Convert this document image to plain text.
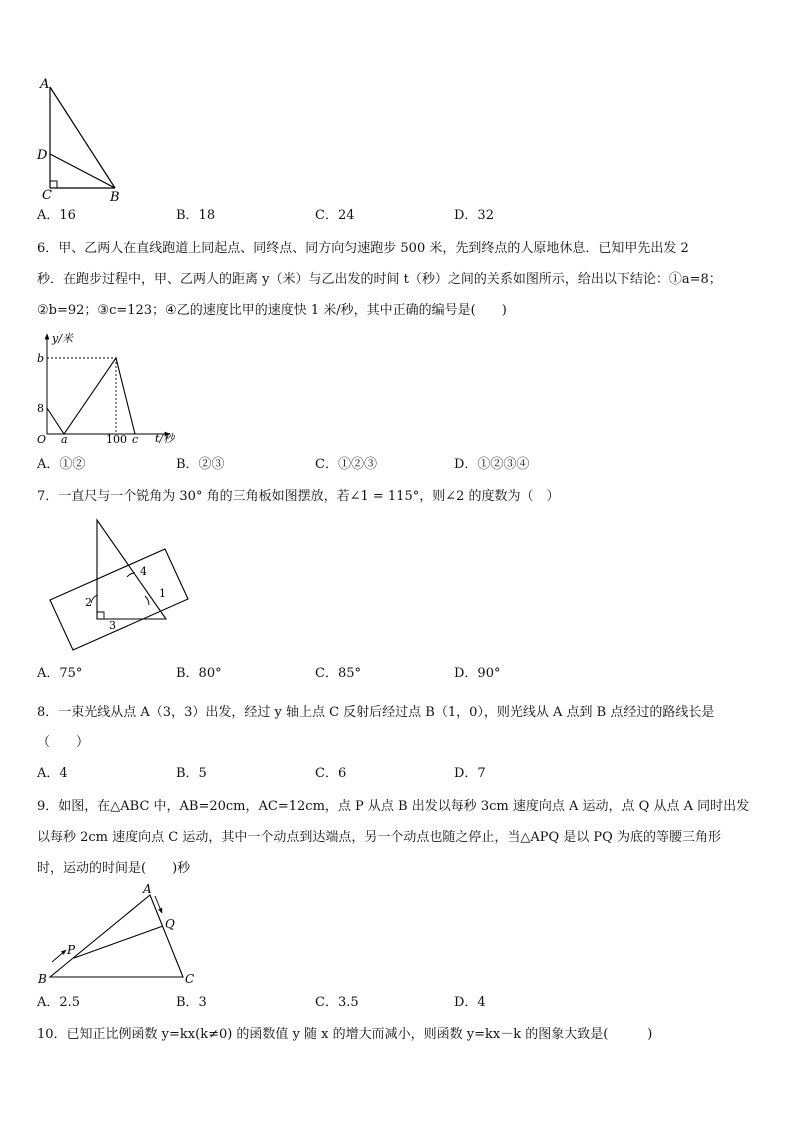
A
D
C	B
A．16	B．18	C．24	D．32
6．甲、乙两人在直线跑道上同起点、同终点、同方向匀速跑步 500 米，先到终点的人原地休息．已知甲先出发 2
秒．在跑步过程中，甲、乙两人的距离 y（米）与乙出发的时间 t（秒）之间的关系如图所示，给出以下结论：①a=8；
②b=92；③c=123；④乙的速度比甲的速度快 1 米/秒，其中正确的编号是(　　)
y/米
t/秒
b
8
O a	100 c
A．①②	B．②③	C．①②③	D．①②③④
7．一直尺与一个锐角为 30° 角的三角板如图摆放，若∠1 = 115°，则∠2 的度数为（　）
1
2
3
4
A．75°	B．80°	C．85°	D．90°
8．一束光线从点 A（3，3）出发，经过 y 轴上点 C 反射后经过点 B（1，0），则光线从 A 点到 B 点经过的路线长是
（　　）
A．4	B．5	C．6	D．7
9．如图，在△ABC 中，AB=20cm，AC=12cm，点 P 从点 B 出发以每秒 3cm 速度向点 A 运动，点 Q 从点 A 同时出发
以每秒 2cm 速度向点 C 运动，其中一个动点到达端点，另一个动点也随之停止，当△APQ 是以 PQ 为底的等腰三角形
时，运动的时间是(　　)秒
A
Q
P
B	C
A．2.5	B．3	C．3.5	D．4
10．已知正比例函数 y=kx(k≠0) 的函数值 y 随 x 的增大而减小，则函数 y=kx－k 的图象大致是(　　　)
